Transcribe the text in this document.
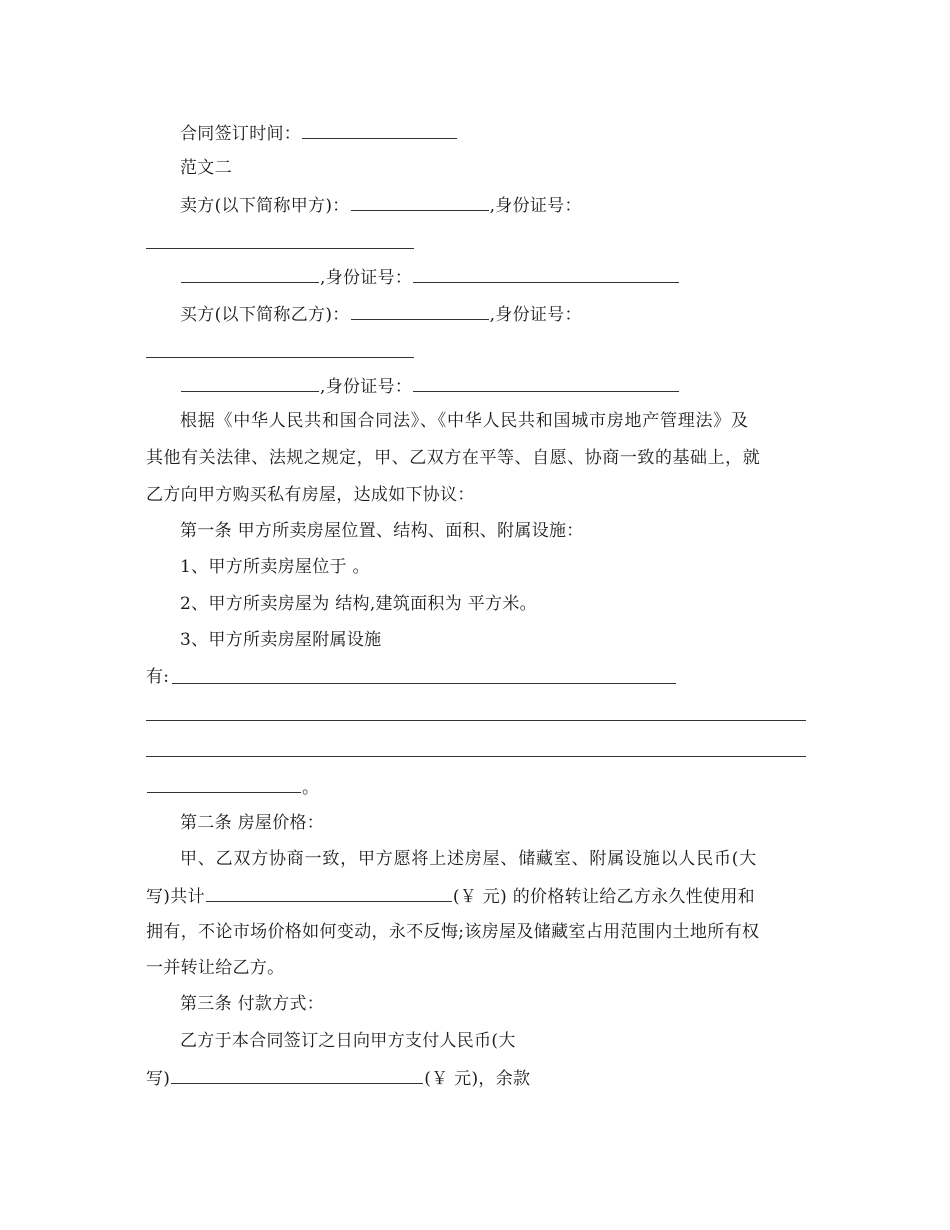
合同签订时间：
范文二
卖方(以下简称甲方)：	,身份证号：
,身份证号：
买方(以下简称乙方)：	,身份证号：
,身份证号：
根据《中华人民共和国合同法》、《中华人民共和国城市房地产管理法》及
其他有关法律、法规之规定，甲、乙双方在平等、自愿、协商一致的基础上，就
乙方向甲方购买私有房屋，达成如下协议：
第一条 甲方所卖房屋位置、结构、面积、附属设施：
1、甲方所卖房屋位于 。
2、甲方所卖房屋为 结构,建筑面积为 平方米。
3、甲方所卖房屋附属设施
有:
。
第二条 房屋价格：
甲、乙双方协商一致，甲方愿将上述房屋、储藏室、附属设施以人民币(大
写)共计	(￥ 元) 的价格转让给乙方永久性使用和
拥有，不论市场价格如何变动，永不反悔;该房屋及储藏室占用范围内土地所有权
一并转让给乙方。
第三条 付款方式：
乙方于本合同签订之日向甲方支付人民币(大
写)	(￥ 元)，余款
